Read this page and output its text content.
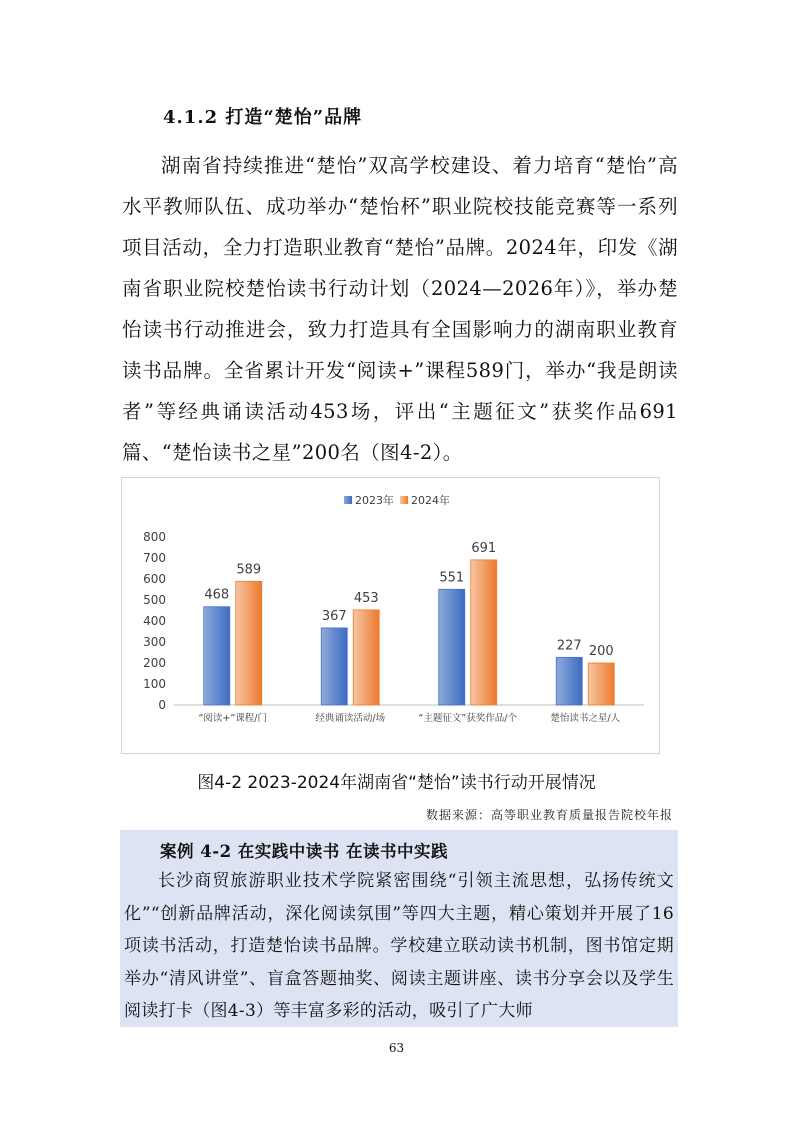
4.1.2 打造“楚怡”品牌
湖南省持续推进“楚怡”双高学校建设、着力培育“楚怡”高水平教师队伍、成功举办“楚怡杯”职业院校技能竞赛等一系列项目活动，全力打造职业教育“楚怡”品牌。2024年，印发《湖南省职业院校楚怡读书行动计划（2024—2026年）》，举办楚怡读书行动推进会，致力打造具有全国影响力的湖南职业教育读书品牌。全省累计开发“阅读+”课程589门，举办“我是朗读者”等经典诵读活动453场，评出“主题征文”获奖作品691篇、“楚怡读书之星”200名（图4-2）。
0
100
200
300
400
500
600
700
800
2023年 2024年
468
589
“阅读+”课程/门
367
453
经典诵读活动/场
551
691
“主题征文”获奖作品/个
227 200
楚怡读书之星/人
图4-2 2023-2024年湖南省“楚怡”读书行动开展情况
数据来源：高等职业教育质量报告院校年报
案例 4-2 在实践中读书 在读书中实践
长沙商贸旅游职业技术学院紧密围绕“引领主流思想，弘扬传统文化”“创新品牌活动，深化阅读氛围”等四大主题，精心策划并开展了16项读书活动，打造楚怡读书品牌。学校建立联动读书机制，图书馆定期举办“清风讲堂”、盲盒答题抽奖、阅读主题讲座、读书分享会以及学生阅读打卡（图4-3）等丰富多彩的活动，吸引了广大师
63
